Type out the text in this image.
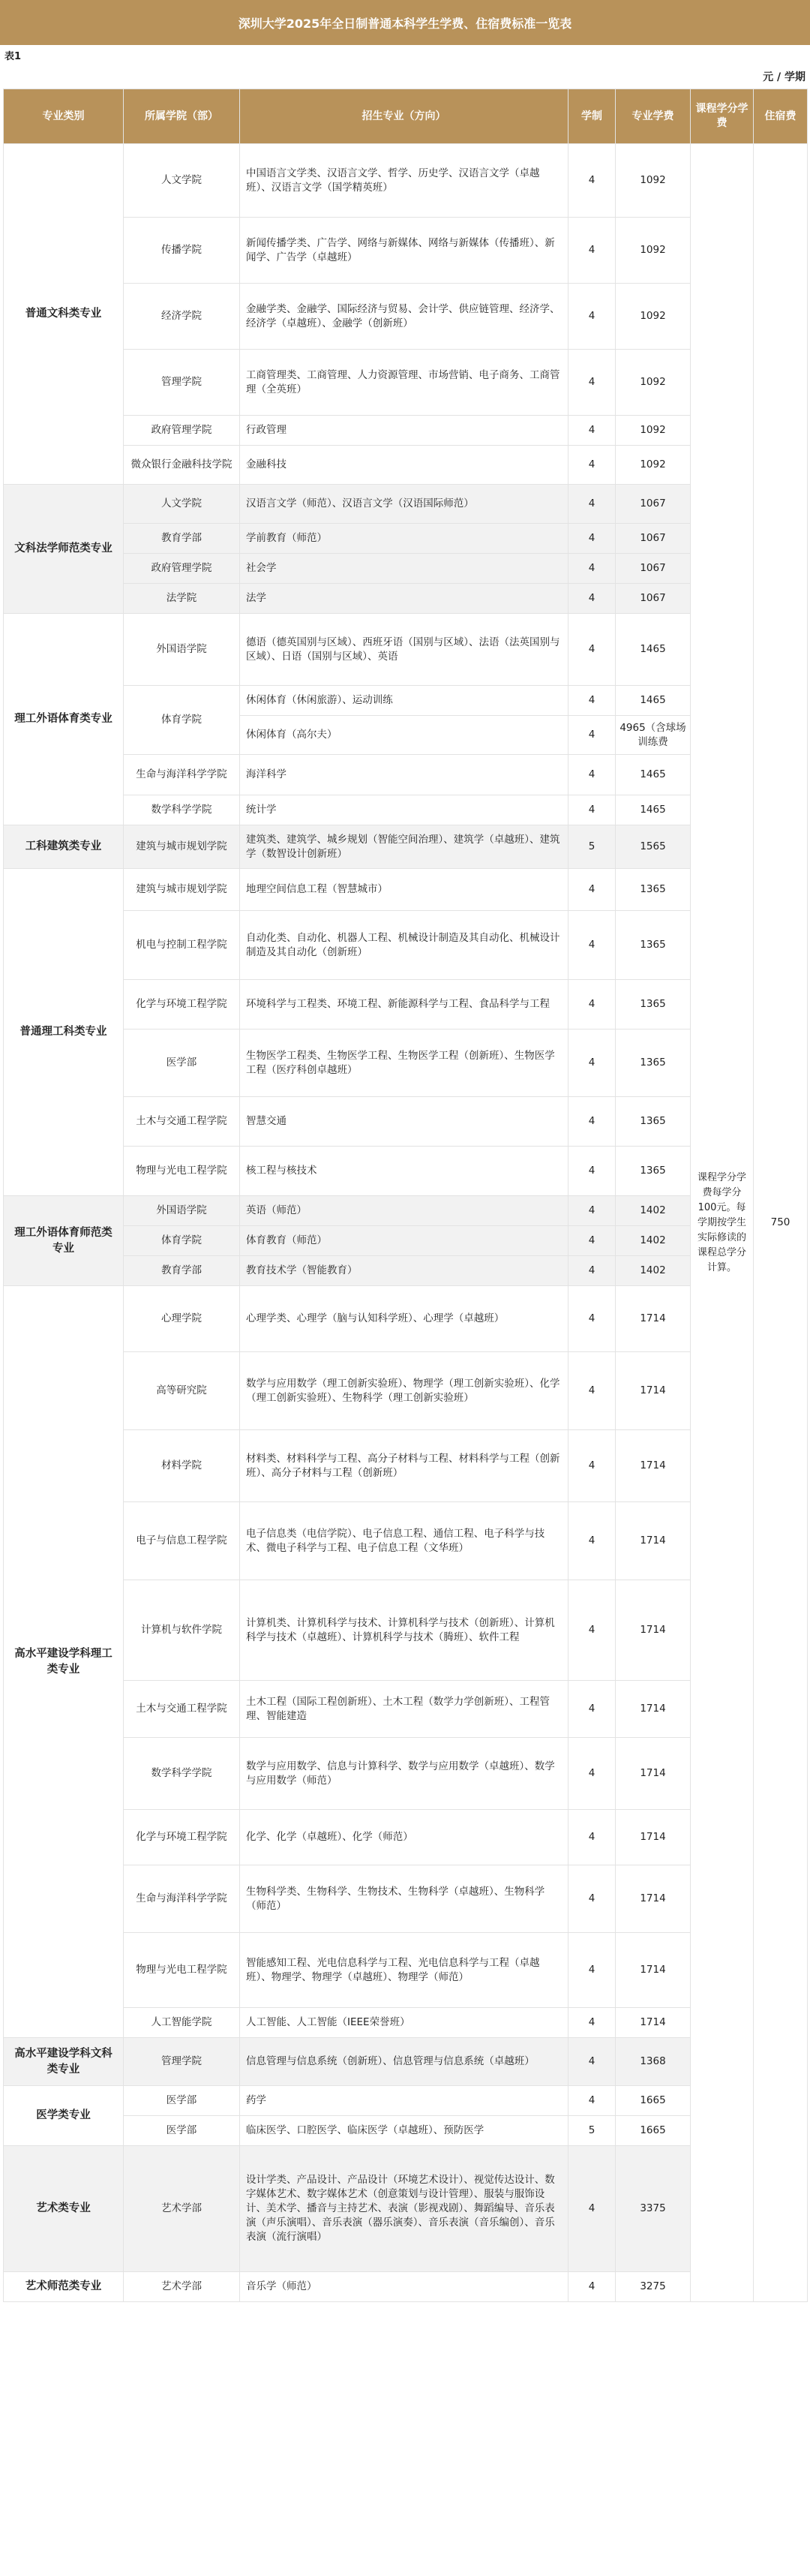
深圳大学2025年全日制普通本科学生学费、住宿费标准一览表
表1
元 / 学期
专业类别	所属学院（部）	招生专业（方向）	学制	专业学费	课程学分学费	住宿费
普通文科类专业	人文学院	中国语言文学类、汉语言文学、哲学、历史学、汉语言文学（卓越班）、汉语言文学（国学精英班）	4	1092	课程学分学费每学分100元。每学期按学生实际修读的课程总学分计算。	750
	传播学院	新闻传播学类、广告学、网络与新媒体、网络与新媒体（传播班）、新闻学、广告学（卓越班）	4	1092		
	经济学院	金融学类、金融学、国际经济与贸易、会计学、供应链管理、经济学、经济学（卓越班）、金融学（创新班）	4	1092		
	管理学院	工商管理类、工商管理、人力资源管理、市场营销、电子商务、工商管理（全英班）	4	1092		
	政府管理学院	行政管理	4	1092		
	微众银行金融科技学院	金融科技	4	1092		
文科法学师范类专业	人文学院	汉语言文学（师范）、汉语言文学（汉语国际师范）	4	1067		
	教育学部	学前教育（师范）	4	1067		
	政府管理学院	社会学	4	1067		
	法学院	法学	4	1067		
理工外语体育类专业	外国语学院	德语（德英国别与区域）、西班牙语（国别与区域）、法语（法英国别与区域）、日语（国别与区域）、英语	4	1465		
	体育学院	休闲体育（休闲旅游）、运动训练	4	1465		
		休闲体育（高尔夫）	4	4965（含球场训练费		
	生命与海洋科学学院	海洋科学	4	1465		
	数学科学学院	统计学	4	1465		
工科建筑类专业	建筑与城市规划学院	建筑类、建筑学、城乡规划（智能空间治理）、建筑学（卓越班）、建筑学（数智设计创新班）	5	1565		
普通理工科类专业	建筑与城市规划学院	地理空间信息工程（智慧城市）	4	1365		
	机电与控制工程学院	自动化类、自动化、机器人工程、机械设计制造及其自动化、机械设计制造及其自动化（创新班）	4	1365		
	化学与环境工程学院	环境科学与工程类、环境工程、新能源科学与工程、食品科学与工程	4	1365		
	医学部	生物医学工程类、生物医学工程、生物医学工程（创新班）、生物医学工程（医疗科创卓越班）	4	1365		
	土木与交通工程学院	智慧交通	4	1365		
	物理与光电工程学院	核工程与核技术	4	1365		
理工外语体育师范类专业	外国语学院	英语（师范）	4	1402		
	体育学院	体育教育（师范）	4	1402		
	教育学部	教育技术学（智能教育）	4	1402		
高水平建设学科理工类专业	心理学院	心理学类、心理学（脑与认知科学班）、心理学（卓越班）	4	1714		
	高等研究院	数学与应用数学（理工创新实验班）、物理学（理工创新实验班）、化学（理工创新实验班）、生物科学（理工创新实验班）	4	1714		
	材料学院	材料类、材料科学与工程、高分子材料与工程、材料科学与工程（创新班）、高分子材料与工程（创新班）	4	1714		
	电子与信息工程学院	电子信息类（电信学院）、电子信息工程、通信工程、电子科学与技术、微电子科学与工程、电子信息工程（文华班）	4	1714		
	计算机与软件学院	计算机类、计算机科学与技术、计算机科学与技术（创新班）、计算机科学与技术（卓越班）、计算机科学与技术（腾班）、软件工程	4	1714		
	土木与交通工程学院	土木工程（国际工程创新班）、土木工程（数学力学创新班）、工程管理、智能建造	4	1714		
	数学科学学院	数学与应用数学、信息与计算科学、数学与应用数学（卓越班）、数学与应用数学（师范）	4	1714		
	化学与环境工程学院	化学、化学（卓越班）、化学（师范）	4	1714		
	生命与海洋科学学院	生物科学类、生物科学、生物技术、生物科学（卓越班）、生物科学（师范）	4	1714		
	物理与光电工程学院	智能感知工程、光电信息科学与工程、光电信息科学与工程（卓越班）、物理学、物理学（卓越班）、物理学（师范）	4	1714		
	人工智能学院	人工智能、人工智能（IEEE荣誉班）	4	1714		
高水平建设学科文科类专业	管理学院	信息管理与信息系统（创新班）、信息管理与信息系统（卓越班）	4	1368		
医学类专业	医学部	药学	4	1665		
	医学部	临床医学、口腔医学、临床医学（卓越班）、预防医学	5	1665		
艺术类专业	艺术学部	设计学类、产品设计、产品设计（环境艺术设计）、视觉传达设计、数字媒体艺术、数字媒体艺术（创意策划与设计管理）、服装与服饰设计、美术学、播音与主持艺术、表演（影视戏剧）、舞蹈编导、音乐表演（声乐演唱）、音乐表演（器乐演奏）、音乐表演（音乐编创）、音乐表演（流行演唱）	4	3375		
艺术师范类专业	艺术学部	音乐学（师范）	4	3275		
